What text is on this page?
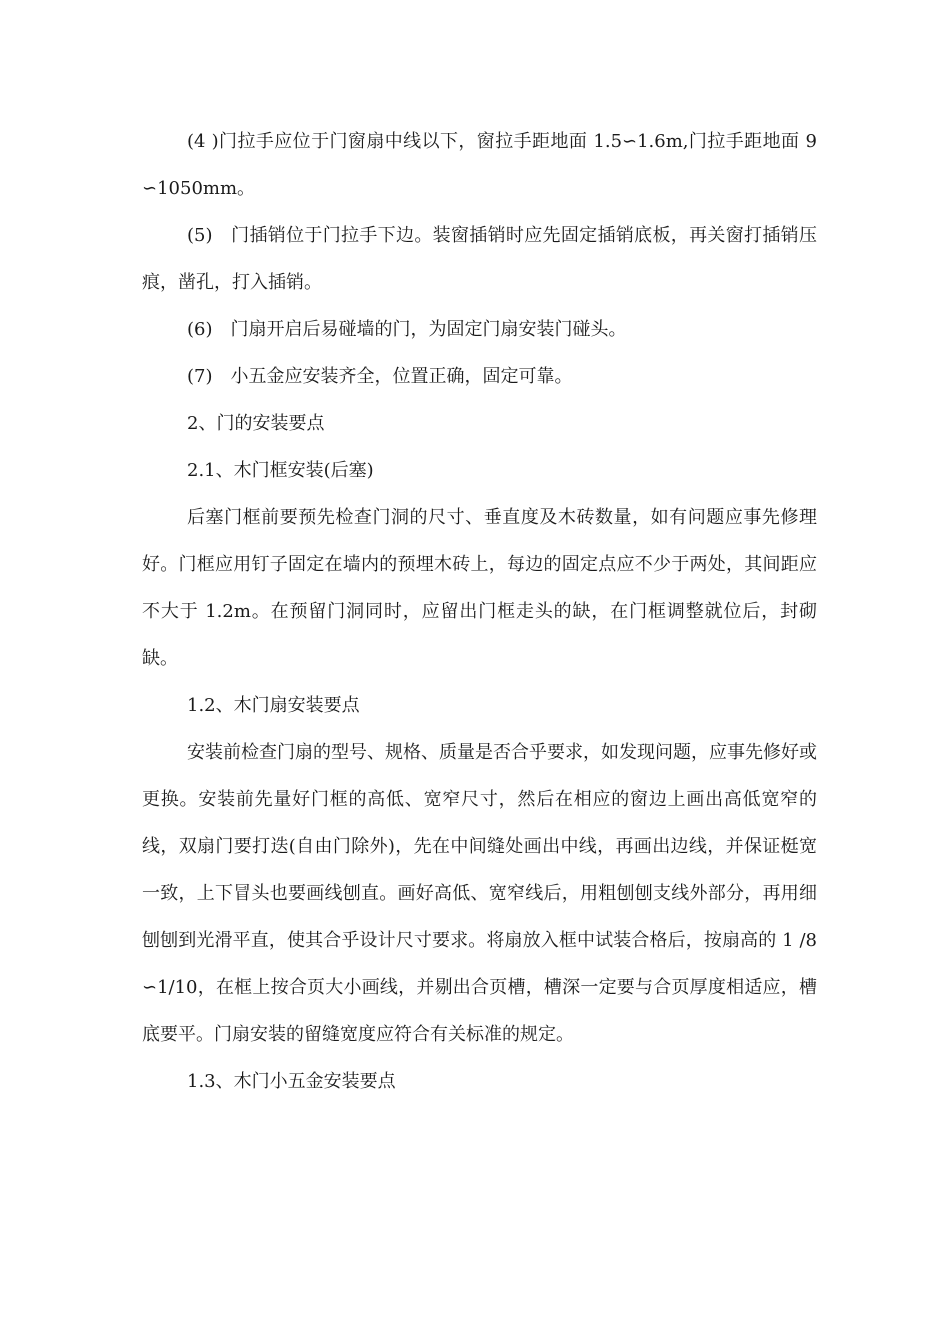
(4 )门拉手应位于门窗扇中线以下，窗拉手距地面 1.5∽1.6m,门拉手距地面 9∽1050mm。

(5)　门插销位于门拉手下边。装窗插销时应先固定插销底板，再关窗打插销压痕，凿孔，打入插销。

(6)　门扇开启后易碰墙的门，为固定门扇安装门碰头。

(7)　小五金应安装齐全，位置正确，固定可靠。

2、门的安装要点

2.1、木门框安装(后塞)

后塞门框前要预先检查门洞的尺寸、垂直度及木砖数量，如有问题应事先修理好。门框应用钉子固定在墙内的预埋木砖上，每边的固定点应不少于两处，其间距应不大于 1.2m。在预留门洞同时，应留出门框走头的缺，在门框调整就位后，封砌缺。

1.2、木门扇安装要点

安装前检查门扇的型号、规格、质量是否合乎要求，如发现问题，应事先修好或更换。安装前先量好门框的高低、宽窄尺寸，然后在相应的窗边上画出高低宽窄的线，双扇门要打迭(自由门除外)，先在中间缝处画出中线，再画出边线，并保证梃宽一致，上下冒头也要画线刨直。画好高低、宽窄线后，用粗刨刨支线外部分，再用细刨刨到光滑平直，使其合乎设计尺寸要求。将扇放入框中试装合格后，按扇高的 1 /8∽1/10，在框上按合页大小画线，并剔出合页槽，槽深一定要与合页厚度相适应，槽底要平。门扇安装的留缝宽度应符合有关标准的规定。

1.3、木门小五金安装要点
